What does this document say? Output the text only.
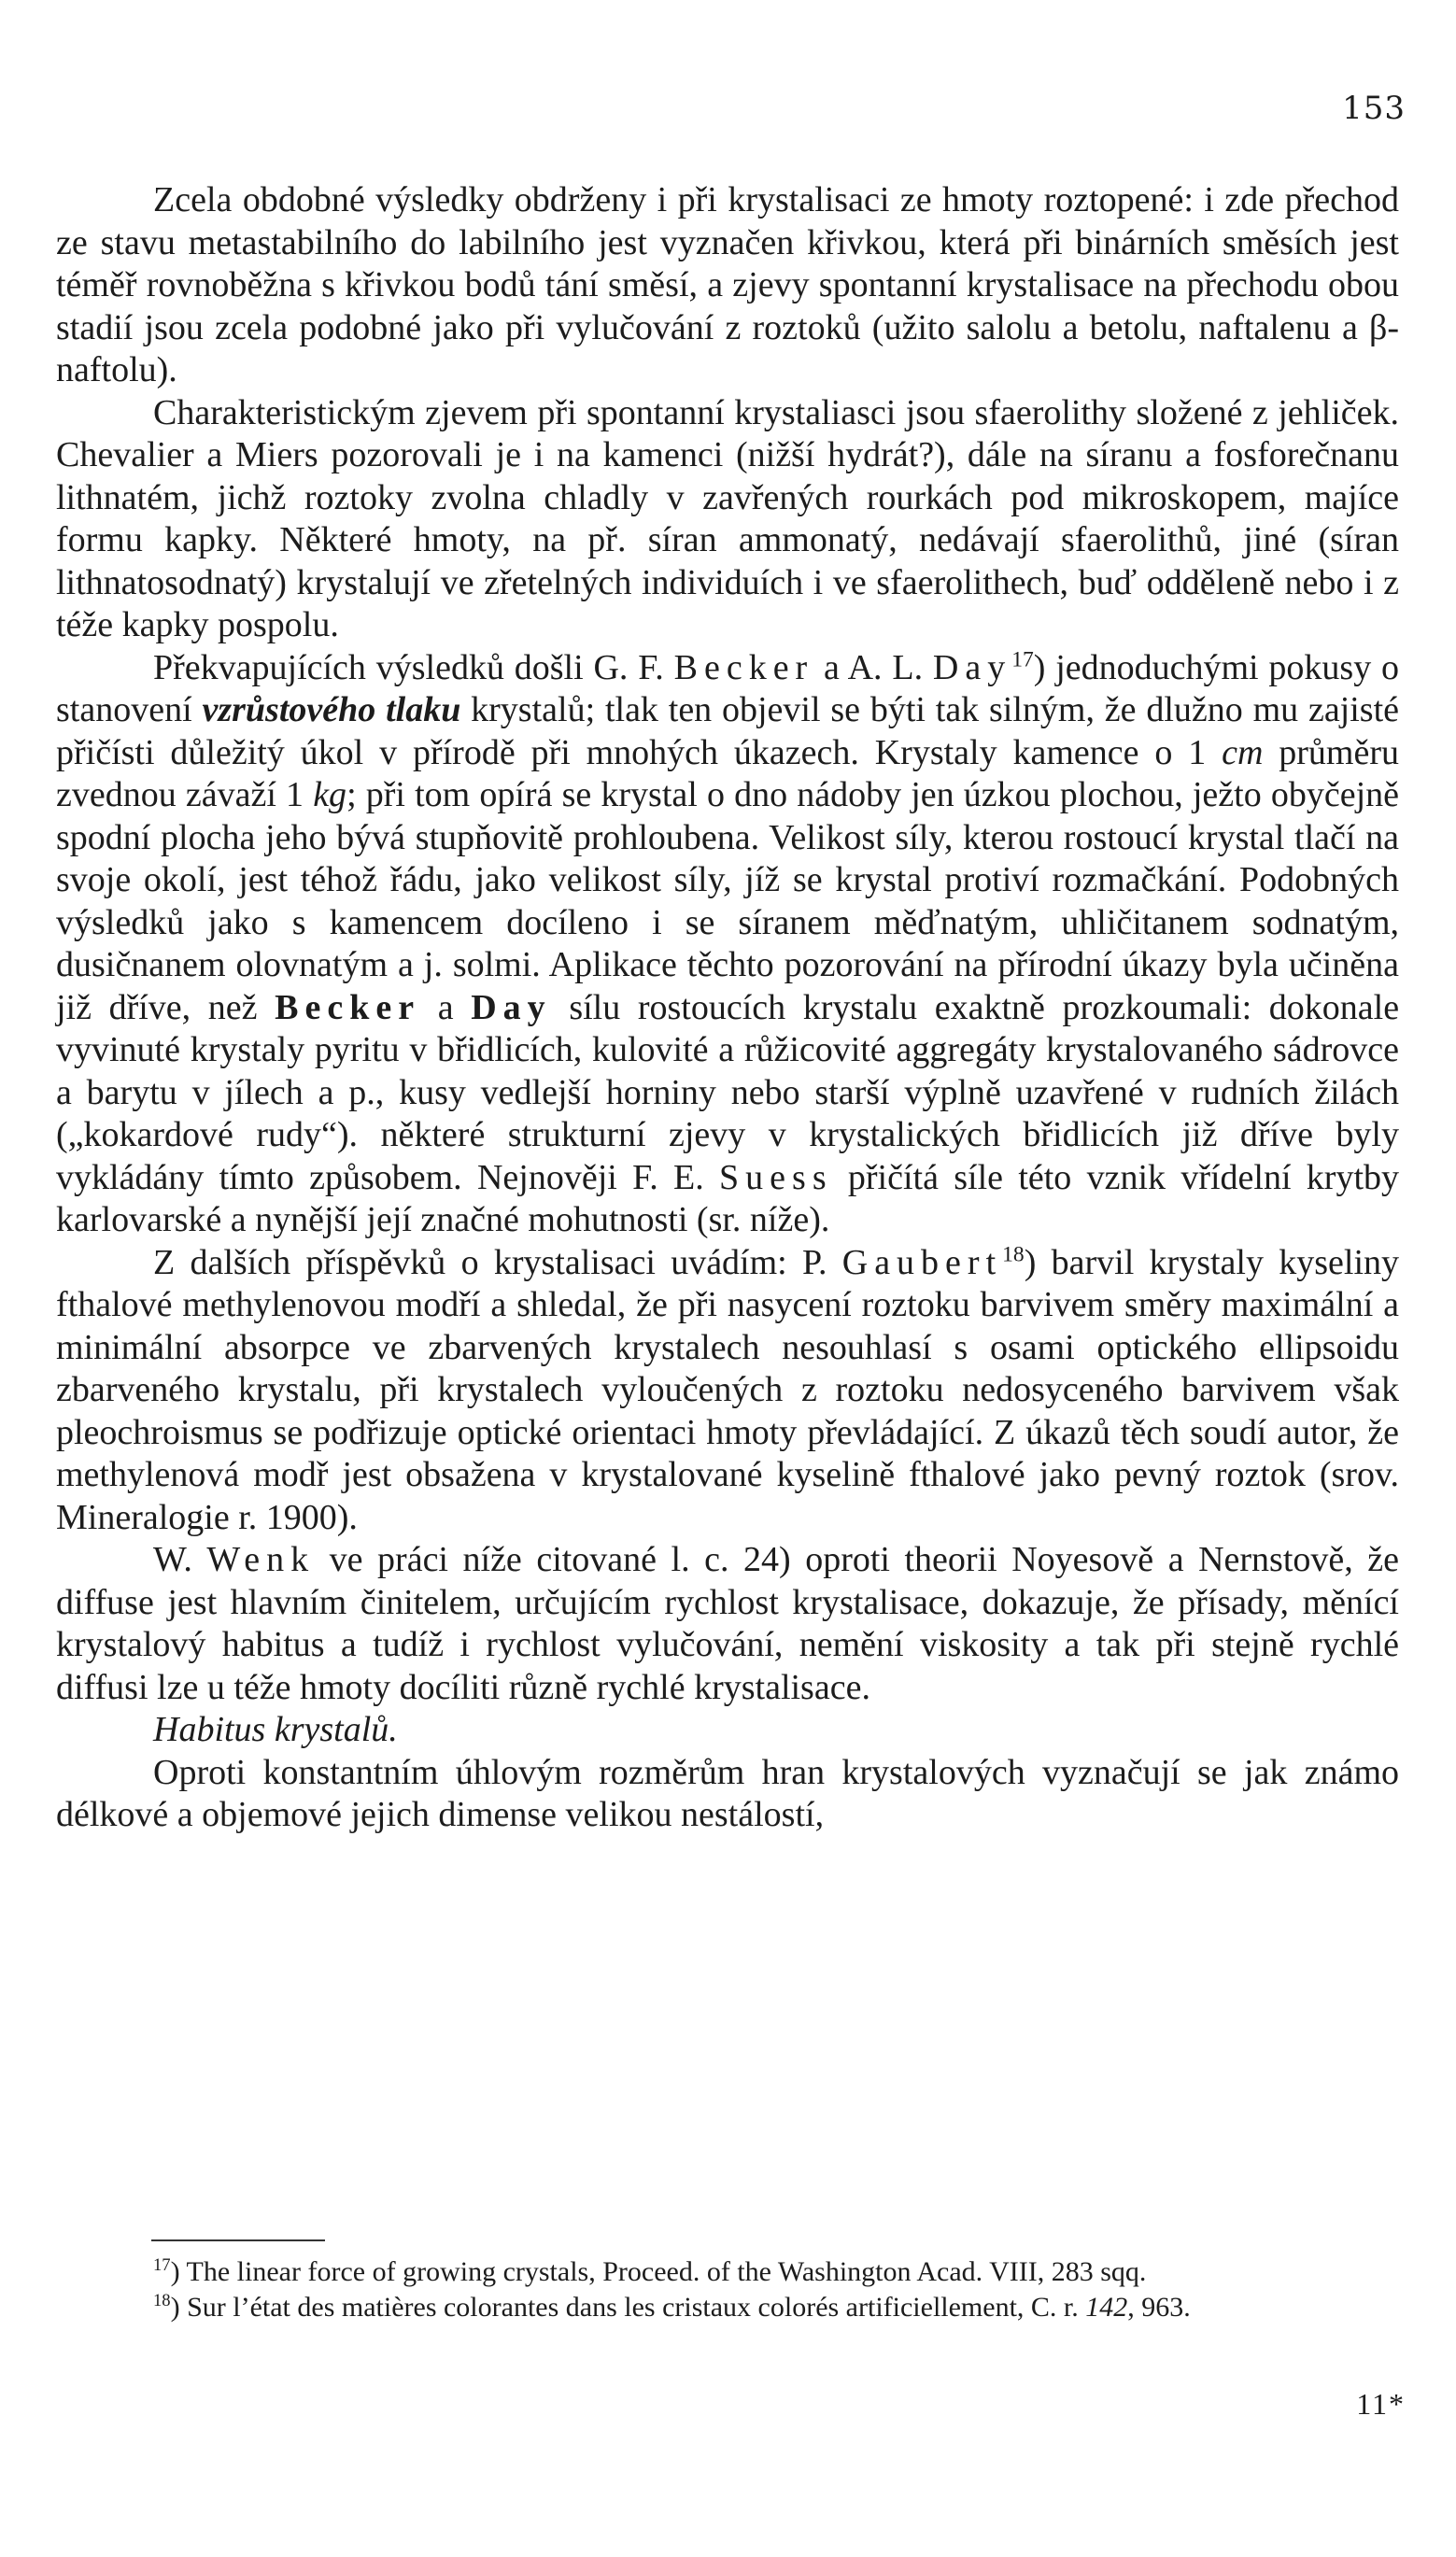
153

Zcela obdobné výsledky obdrženy i při krystalisaci ze hmoty roztopené: i zde přechod ze stavu metastabilního do labilního jest vyznačen křivkou, která při binárních směsích jest téměř rovnoběžna s křivkou bodů tání směsí, a zjevy spontanní krystalisace na přechodu obou stadií jsou zcela podobné jako při vylučování z roztoků (užito salolu a betolu, naftalenu a β-naftolu).

Charakteristickým zjevem při spontanní krystaliasci jsou sfaerolithy složené z jehliček. Chevalier a Miers pozorovali je i na kamenci (nižší hydrát?), dále na síranu a fosforečnanu lithnatém, jichž roztoky zvolna chladly v zavřených rourkách pod mikroskopem, majíce formu kapky. Některé hmoty, na př. síran ammonatý, nedávají sfaerolithů, jiné (síran lithnatosodnatý) krystalují ve zřetelných individuích i ve sfaerolithech, buď odděleně nebo i z téže kapky pospolu.

Překvapujících výsledků došli G. F. Becker a A. L. Day$^{17}$) jednoduchými pokusy o stanovení vzrůstového tlaku krystalů; tlak ten objevil se býti tak silným, že dlužno mu zajisté přičísti důležitý úkol v přírodě při mnohých úkazech. Krystaly kamence o 1 cm průměru zvednou závaží 1 kg; při tom opírá se krystal o dno nádoby jen úzkou plochou, ježto obyčejně spodní plocha jeho bývá stupňovitě prohloubena. Velikost síly, kterou rostoucí krystal tlačí na svoje okolí, jest téhož řádu, jako velikost síly, jíž se krystal protiví rozmačkání. Podobných výsledků jako s kamencem docíleno i se síranem měďnatým, uhličitanem sodnatým, dusičnanem olovnatým a j. solmi. Aplikace těchto pozorování na přírodní úkazy byla učiněna již dříve, než Becker a Day sílu rostoucích krystalu exaktně prozkoumali: dokonale vyvinuté krystaly pyritu v břidlicích, kulovité a růžicovité aggregáty krystalovaného sádrovce a barytu v jílech a p., kusy vedlejší horniny nebo starší výplně uzavřené v rudních žilách („kokardové rudy“). některé strukturní zjevy v krystalických břidlicích již dříve byly vykládány tímto způsobem. Nejnověji F. E. Suess přičítá síle této vznik vřídelní krytby karlovarské a nynější její značné mohutnosti (sr. níže).

Z dalších příspěvků o krystalisaci uvádím: P. Gaubert$^{18}$) barvil krystaly kyseliny fthalové methylenovou modří a shledal, že při nasycení roztoku barvivem směry maximální a minimální absorpce ve zbarvených krystalech nesouhlasí s osami optického ellipsoidu zbarveného krystalu, při krystalech vyloučených z roztoku nedosyceného barvivem však pleochroismus se podřizuje optické orientaci hmoty převládající. Z úkazů těch soudí autor, že methylenová modř jest obsažena v krystalované kyselině fthalové jako pevný roztok (srov. Mineralogie r. 1900).

W. Wenk ve práci níže citované l. c. 24) oproti theorii Noyesově a Nernstově, že diffuse jest hlavním činitelem, určujícím rychlost krystalisace, dokazuje, že přísady, měnící krystalový habitus a tudíž i rychlost vylučování, nemění viskosity a tak při stejně rychlé diffusi lze u téže hmoty docíliti různě rychlé krystalisace.

Habitus krystalů.

Oproti konstantním úhlovým rozměrům hran krystalových vyznačují se jak známo délkové a objemové jejich dimense velikou nestálostí,

$^{17}$) The linear force of growing crystals, Proceed. of the Washington Acad. VIII, 283 sqq.

$^{18}$) Sur l’état des matières colorantes dans les cristaux colorés artificiellement, C. r. 142, 963.

11*
